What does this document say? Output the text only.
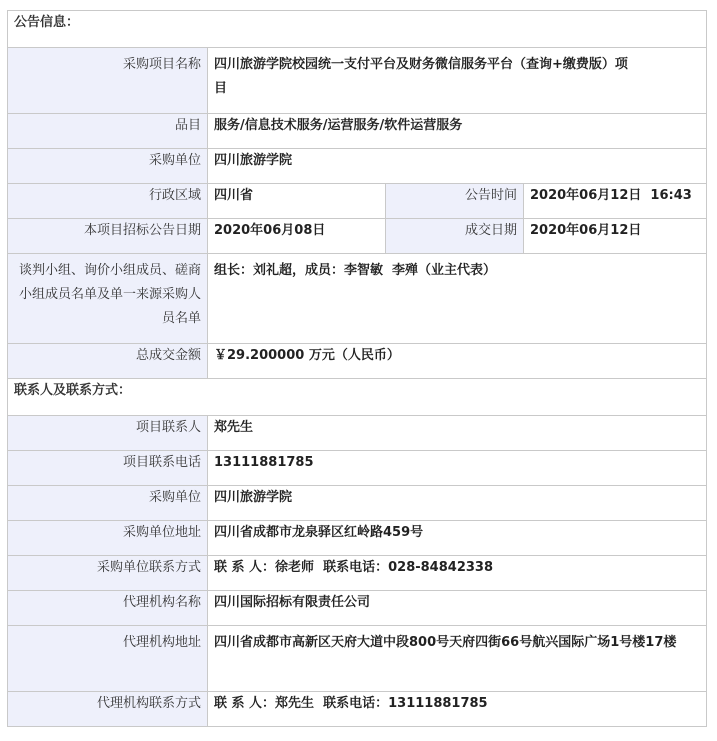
公告信息：			
采购项目名称	四川旅游学院校园统一支付平台及财务微信服务平台（查询+缴费版）项目		

品目	服务/信息技术服务/运营服务/软件运营服务		
采购单位	四川旅游学院		
行政区域	四川省	公告时间	2020年06月12日  16:43
本项目招标公告日期	2020年06月08日	成交日期	2020年06月12日
谈判小组、询价小组成员、磋商小组成员名单及单一来源采购人员名单	组长：刘礼超，成员：李智敏  李殚（业主代表）		
总成交金额	￥29.200000 万元（人民币）		
联系人及联系方式：			
项目联系人	郑先生		
项目联系电话	13111881785		
采购单位	四川旅游学院		
采购单位地址	四川省成都市龙泉驿区红岭路459号		
采购单位联系方式	联 系 人：徐老师  联系电话：028-84842338		
代理机构名称	四川国际招标有限责任公司		
代理机构地址	四川省成都市高新区天府大道中段800号天府四街66号航兴国际广场1号楼17楼		
代理机构联系方式	联 系 人：郑先生  联系电话：13111881785		
